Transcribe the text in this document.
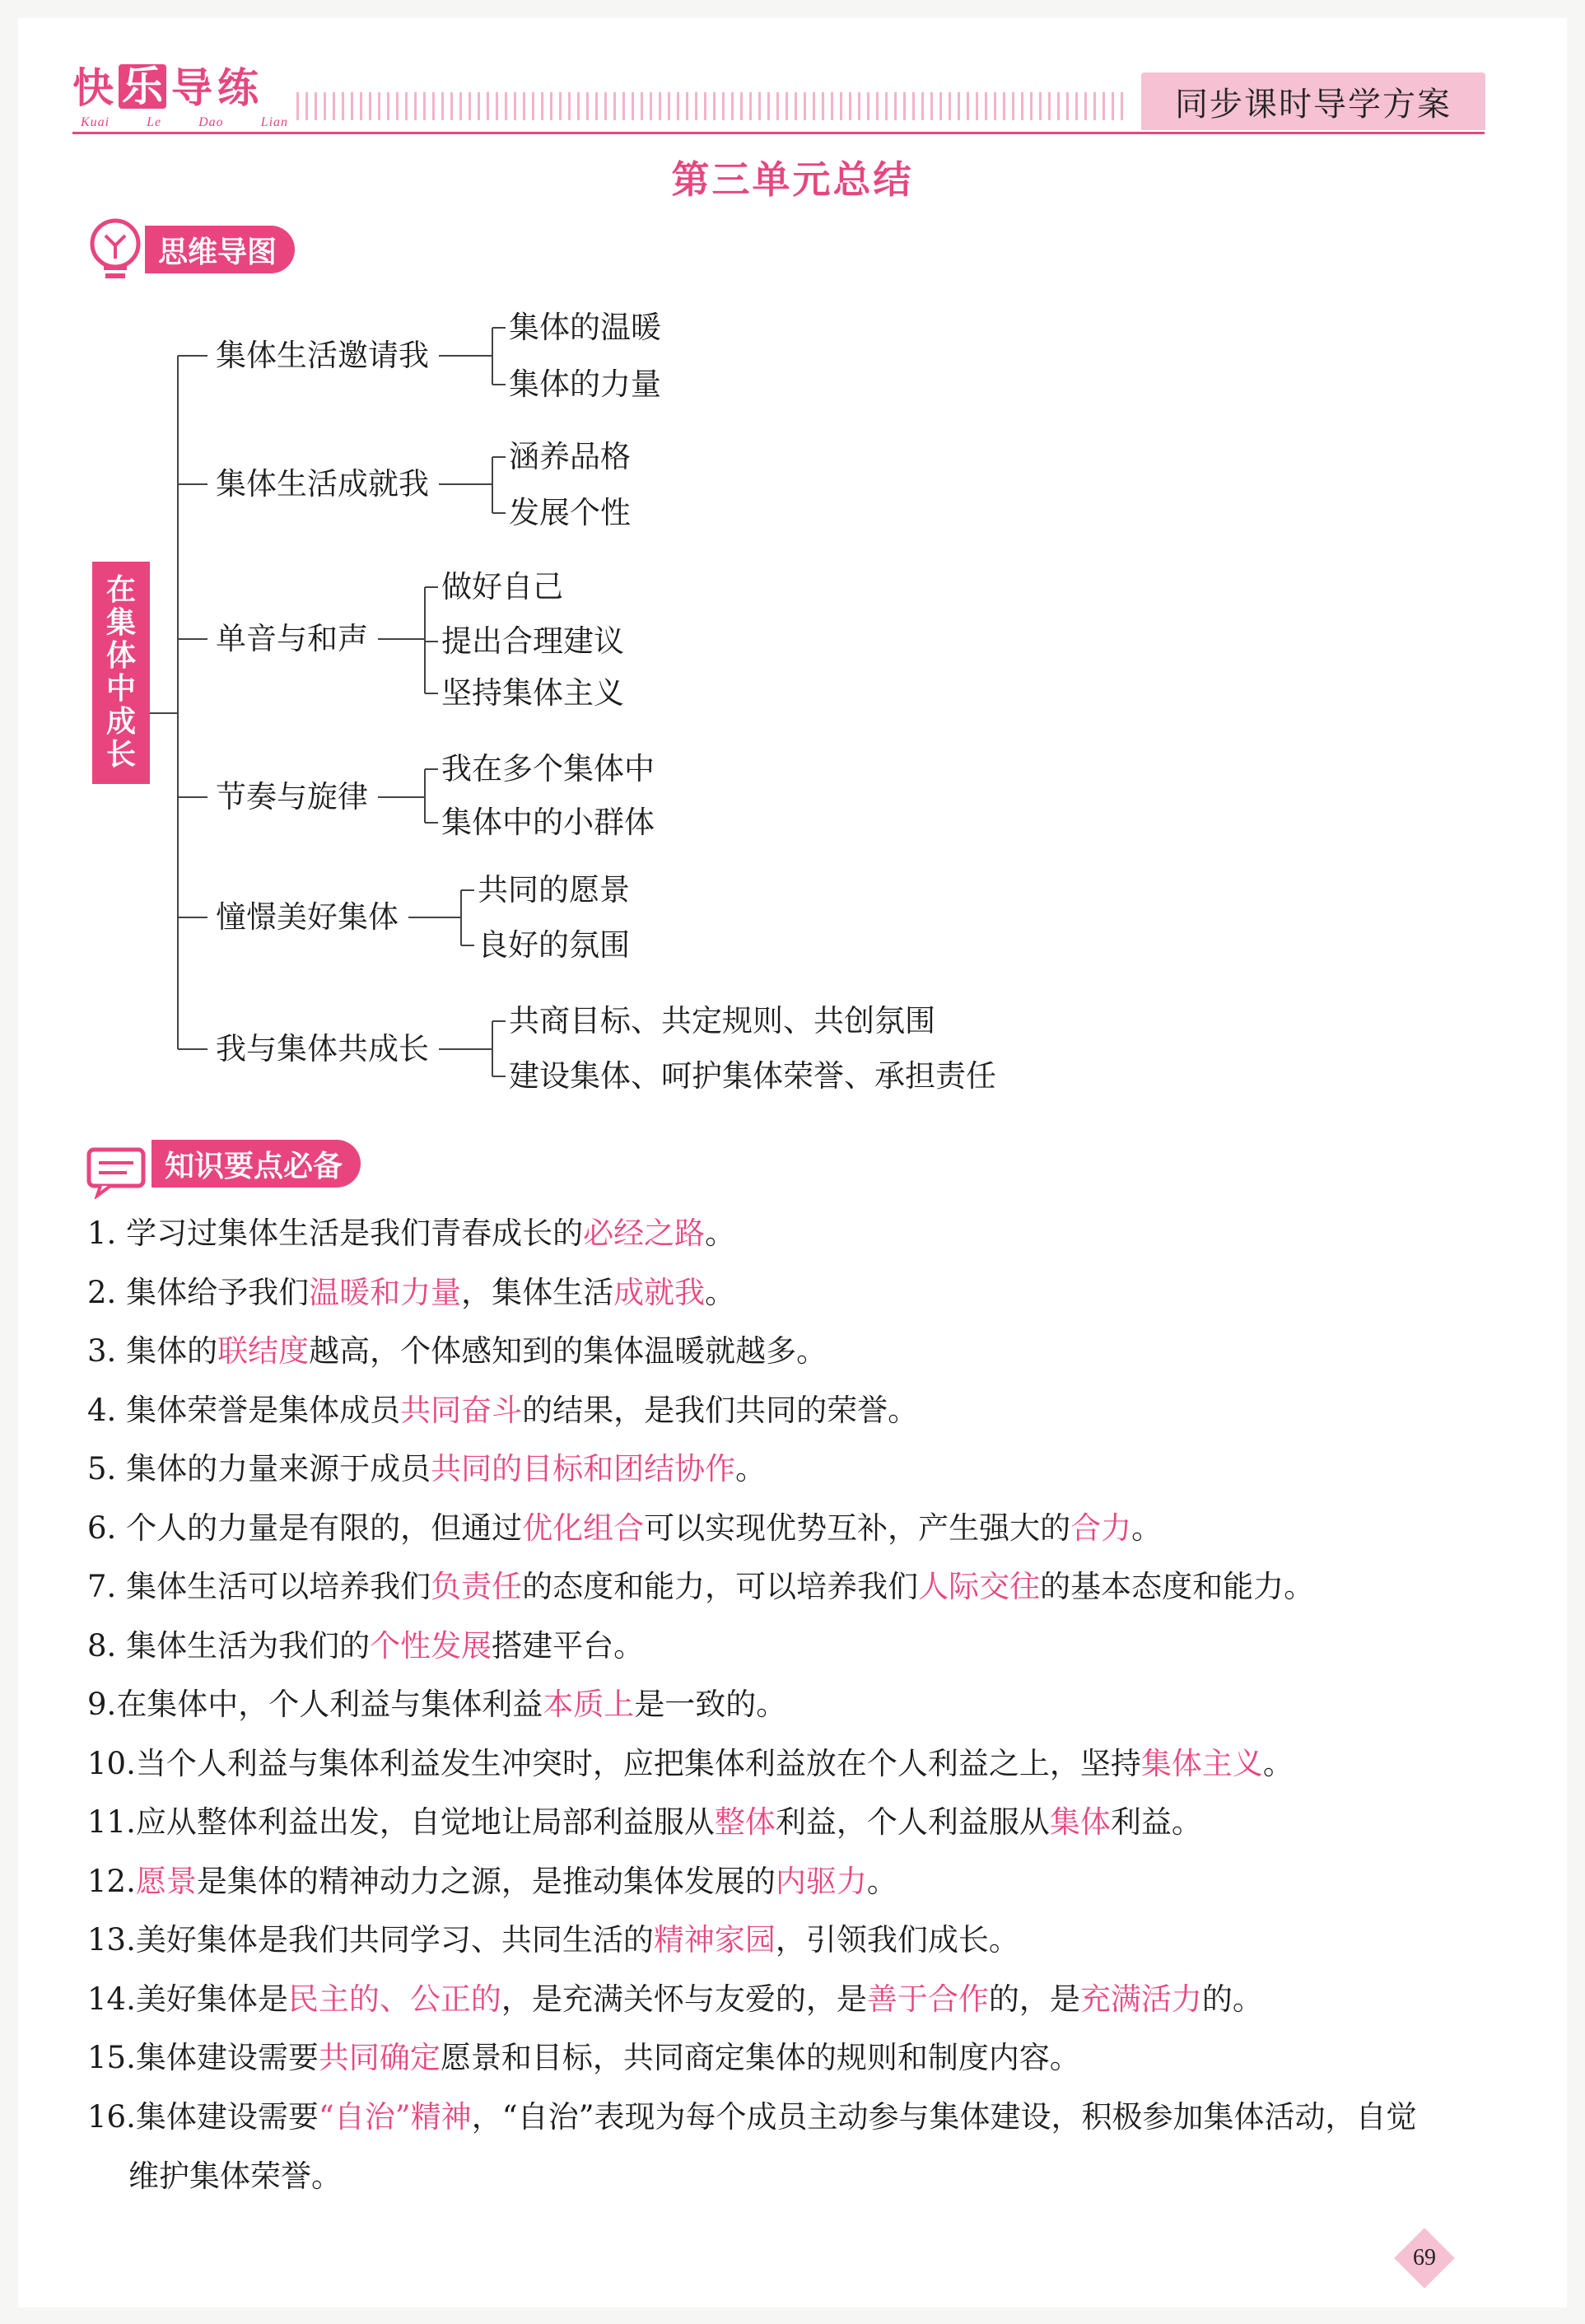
快 乐 导 练
Kuai	Le	Dao	Lian	同步课时导学方案
第三单元总结
思维导图
在
集
体
中
成
长
集体生活邀请我
集体的温暖
集体的力量
集体生活成就我
涵养品格
发展个性
单音与和声
做好自己
提出合理建议
坚持集体主义
节奏与旋律
我在多个集体中
集体中的小群体
憧憬美好集体
共同的愿景
良好的氛围
我与集体共成长
共商目标、共定规则、共创氛围
建设集体、呵护集体荣誉、承担责任
知识要点必备
1. 学习过集体生活是我们青春成长的必经之路。
2. 集体给予我们温暖和力量，集体生活成就我。
3. 集体的联结度越高，个体感知到的集体温暖就越多。
4. 集体荣誉是集体成员共同奋斗的结果，是我们共同的荣誉。
5. 集体的力量来源于成员共同的目标和团结协作。
6. 个人的力量是有限的，但通过优化组合可以实现优势互补，产生强大的合力。
7. 集体生活可以培养我们负责任的态度和能力，可以培养我们人际交往的基本态度和能力。
8. 集体生活为我们的个性发展搭建平台。
9.在集体中，个人利益与集体利益本质上是一致的。
10.当个人利益与集体利益发生冲突时，应把集体利益放在个人利益之上，坚持集体主义。
11.应从整体利益出发，自觉地让局部利益服从整体利益，个人利益服从集体利益。
12.愿景是集体的精神动力之源，是推动集体发展的内驱力。
13.美好集体是我们共同学习、共同生活的精神家园，引领我们成长。
14.美好集体是民主的、公正的，是充满关怀与友爱的，是善于合作的，是充满活力的。
15.集体建设需要共同确定愿景和目标，共同商定集体的规则和制度内容。
16.集体建设需要“自治”精神，“自治”表现为每个成员主动参与集体建设，积极参加集体活动，自觉
维护集体荣誉。
69
